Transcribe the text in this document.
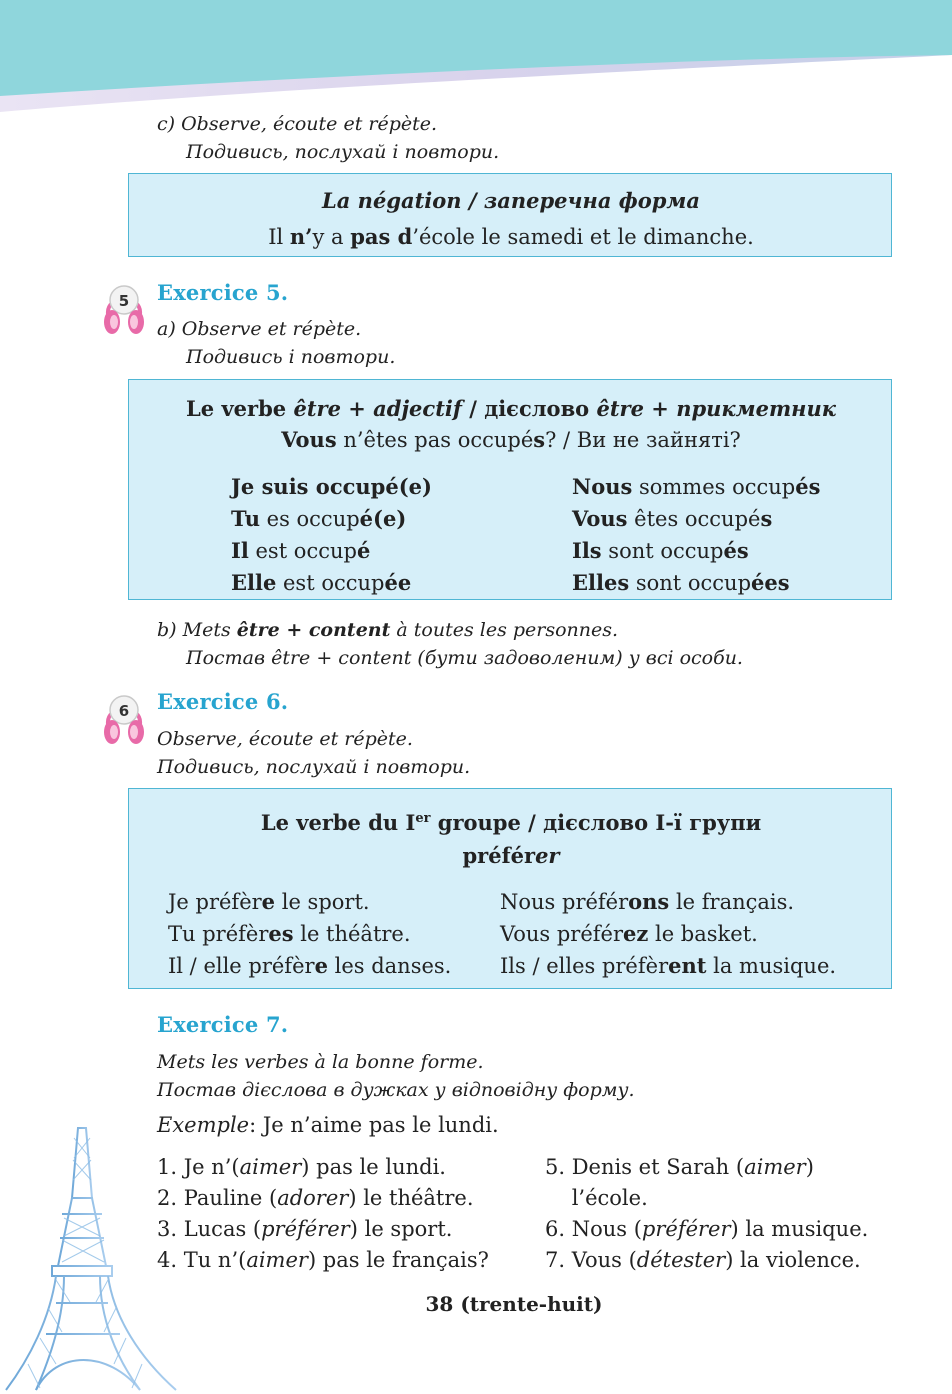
c) Observe, écoute et répète.
Подивись, послухай і повтори.
La négation / заперечна форма
Il n’y a pas d’école le samedi et le dimanche.
5 Exercice 5.
a) Observe et répète.
Подивись і повтори.
Le verbe être + adjectif / дієслово être + прикметник
Vous n’êtes pas occupés? / Ви не зайняті?
Je suis occupé(e)
Tu es occupé(e)
Il est occupé
Elle est occupée
Nous sommes occupés
Vous êtes occupés
Ils sont occupés
Elles sont occupées
b) Mets être + content à toutes les personnes.
Постав être + content (бути задоволеним) у всі особи.
6 Exercice 6.
Observe, écoute et répète.
Подивись, послухай і повтори.
Le verbe du Ier groupe / дієслово I-ї групи
préférer
Je préfère le sport.
Tu préfères le théâtre.
Il / elle préfère les danses.
Nous préférons le français.
Vous préférez le basket.
Ils / elles préfèrent la musique.
Exercice 7.
Mets les verbes à la bonne forme.
Постав дієслова в дужках у відповідну форму.
Exemple: Je n’aime pas le lundi.
1. Je n’(aimer) pas le lundi.
2. Pauline (adorer) le théâtre.
3. Lucas (préférer) le sport.
4. Tu n’(aimer) pas le français?
5. Denis et Sarah (aimer)
l’école.
6. Nous (préférer) la musique.
7. Vous (détester) la violence.
38 (trente-huit)
